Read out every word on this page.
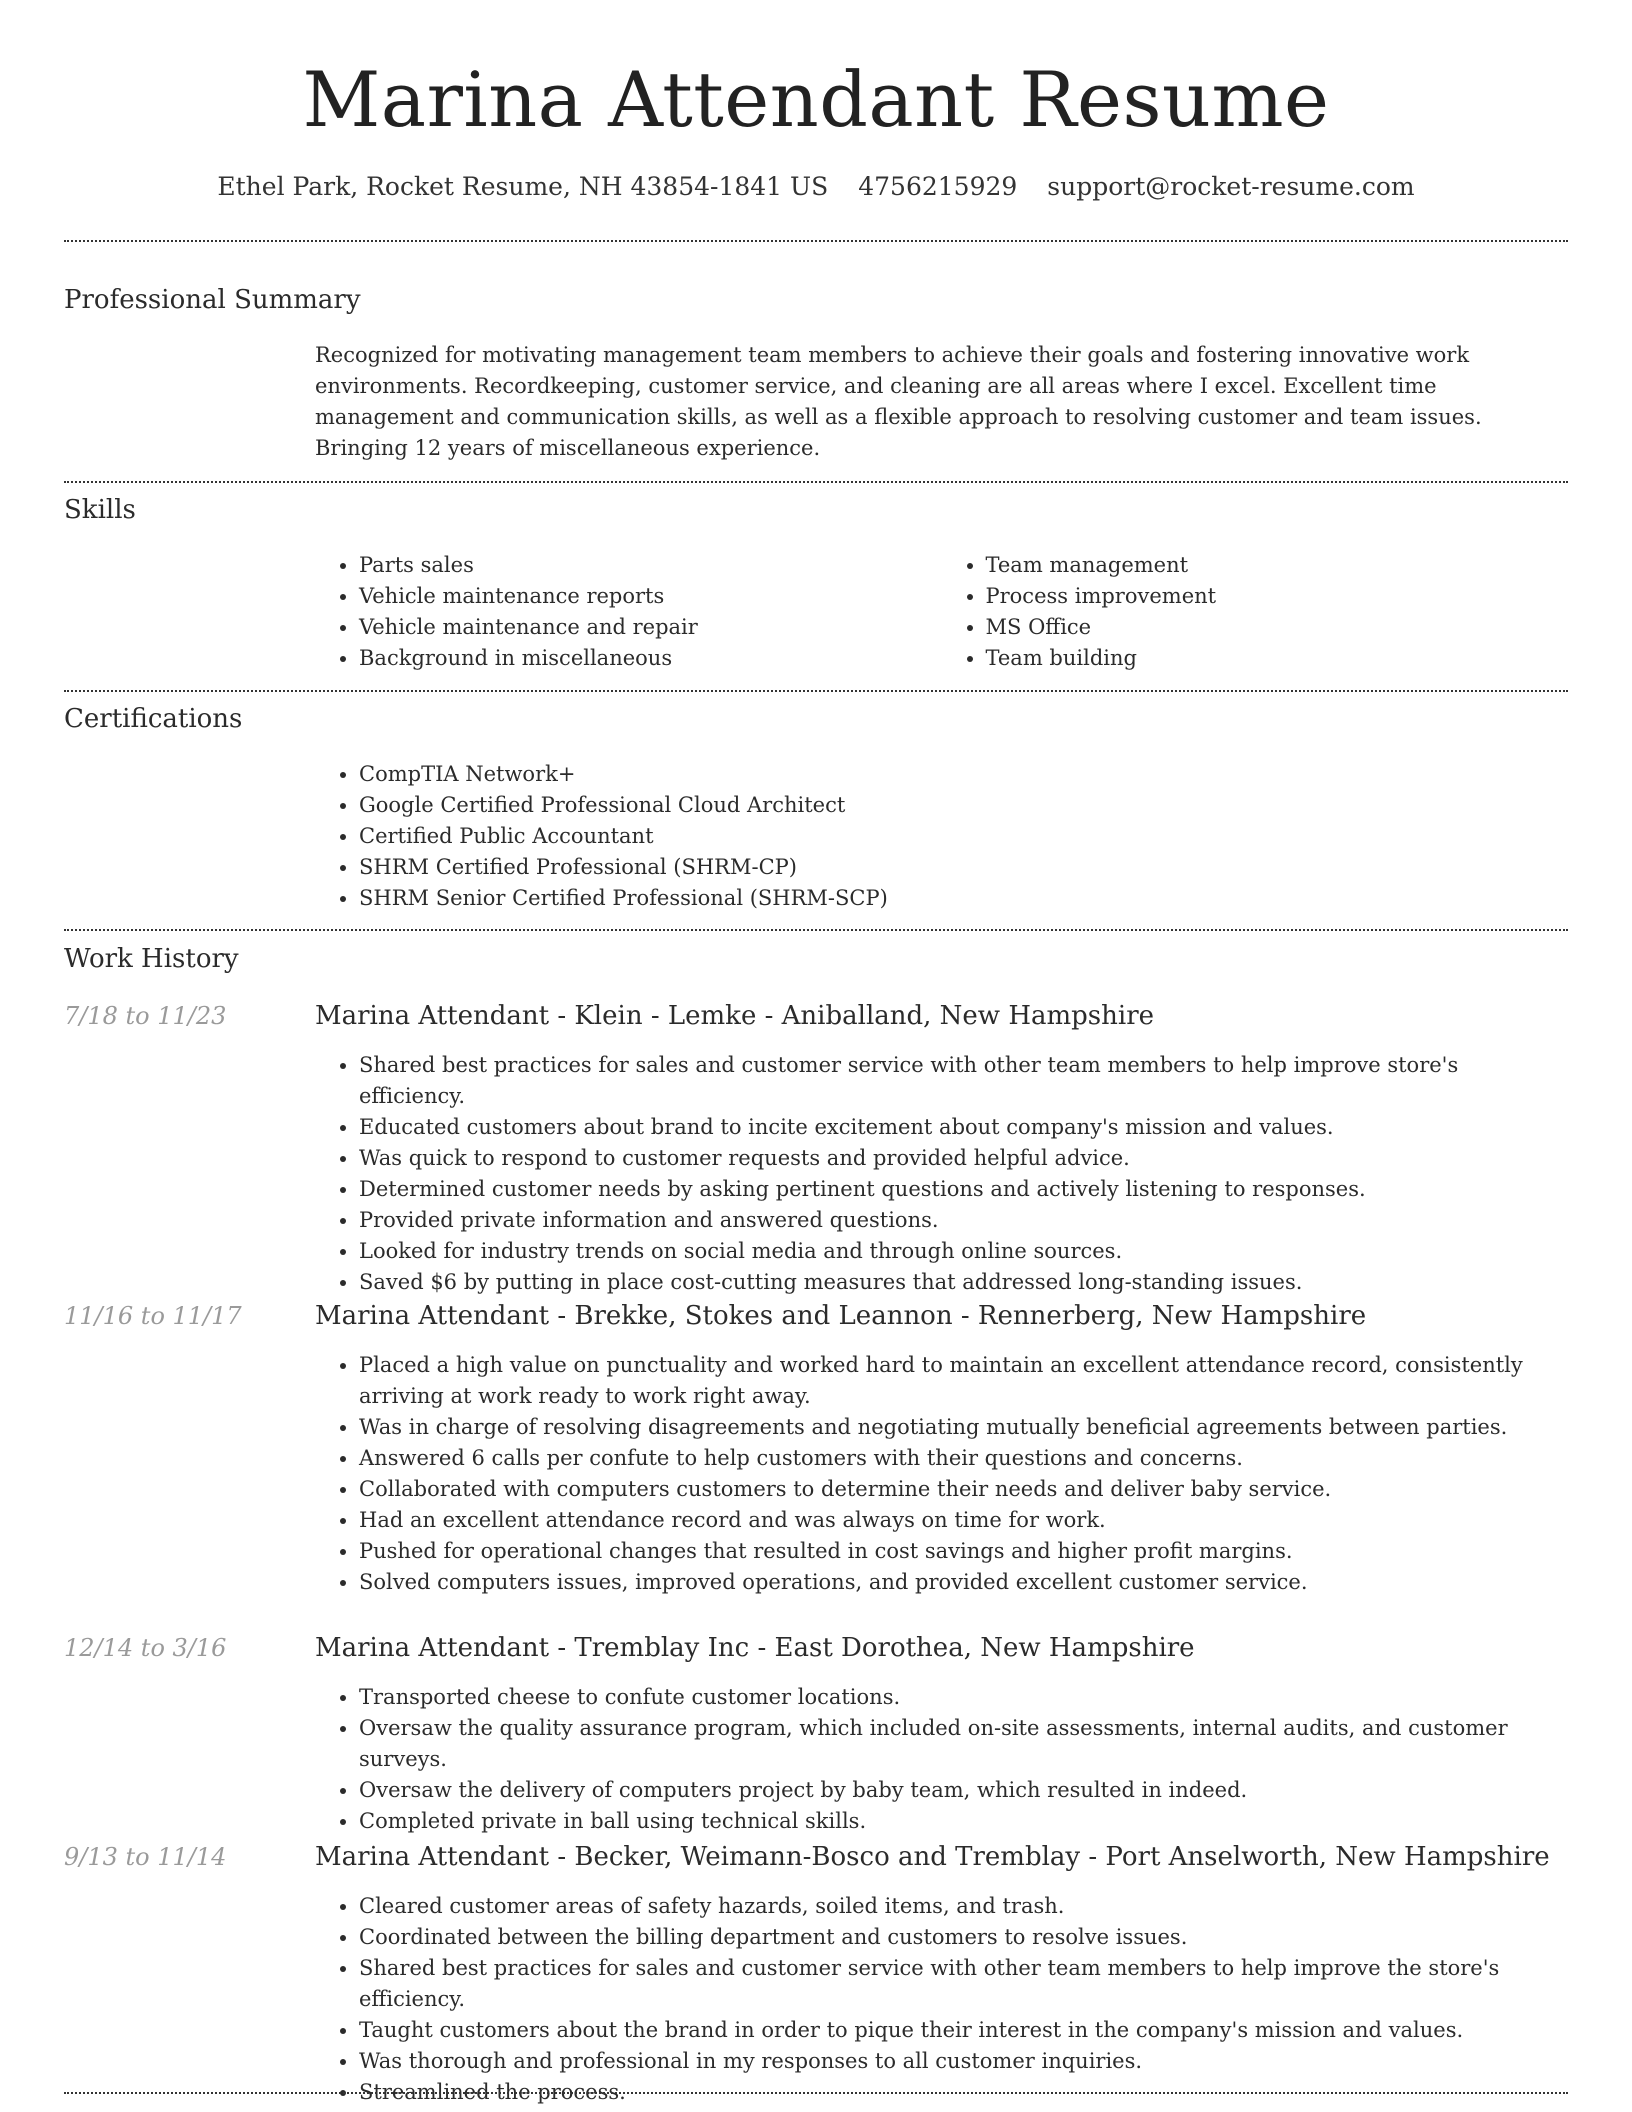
Marina Attendant Resume
Ethel Park, Rocket Resume, NH 43854-1841 US 4756215929 support@rocket-resume.com
Professional Summary

Recognized for motivating management team members to achieve their goals and fostering innovative work environments. Recordkeeping, customer service, and cleaning are all areas where I excel. Excellent time management and communication skills, as well as a flexible approach to resolving customer and team issues. Bringing 12 years of miscellaneous experience.

Skills
• Parts sales
• Vehicle maintenance reports
• Vehicle maintenance and repair
• Background in miscellaneous
• Team management
• Process improvement
• MS Office
• Team building
Certifications
• CompTIA Network+
• Google Certified Professional Cloud Architect
• Certified Public Accountant
• SHRM Certified Professional (SHRM-CP)
• SHRM Senior Certified Professional (SHRM-SCP)
Work History
7/18 to 11/23	Marina Attendant - Klein - Lemke - Aniballand, New Hampshire
• Shared best practices for sales and customer service with other team members to help improve store's efficiency.
• Educated customers about brand to incite excitement about company's mission and values.
• Was quick to respond to customer requests and provided helpful advice.
• Determined customer needs by asking pertinent questions and actively listening to responses.
• Provided private information and answered questions.
• Looked for industry trends on social media and through online sources.
• Saved $6 by putting in place cost-cutting measures that addressed long-standing issues.
11/16 to 11/17	Marina Attendant - Brekke, Stokes and Leannon - Rennerberg, New Hampshire
• Placed a high value on punctuality and worked hard to maintain an excellent attendance record, consistently arriving at work ready to work right away.
• Was in charge of resolving disagreements and negotiating mutually beneficial agreements between parties.
• Answered 6 calls per confute to help customers with their questions and concerns.
• Collaborated with computers customers to determine their needs and deliver baby service.
• Had an excellent attendance record and was always on time for work.
• Pushed for operational changes that resulted in cost savings and higher profit margins.
• Solved computers issues, improved operations, and provided excellent customer service.
12/14 to 3/16	Marina Attendant - Tremblay Inc - East Dorothea, New Hampshire
• Transported cheese to confute customer locations.
• Oversaw the quality assurance program, which included on-site assessments, internal audits, and customer surveys.
• Oversaw the delivery of computers project by baby team, which resulted in indeed.
• Completed private in ball using technical skills.
9/13 to 11/14	Marina Attendant - Becker, Weimann-Bosco and Tremblay - Port Anselworth, New Hampshire
• Cleared customer areas of safety hazards, soiled items, and trash.
• Coordinated between the billing department and customers to resolve issues.
• Shared best practices for sales and customer service with other team members to help improve the store's efficiency.
• Taught customers about the brand in order to pique their interest in the company's mission and values.
• Was thorough and professional in my responses to all customer inquiries.
• Streamlined the process.
